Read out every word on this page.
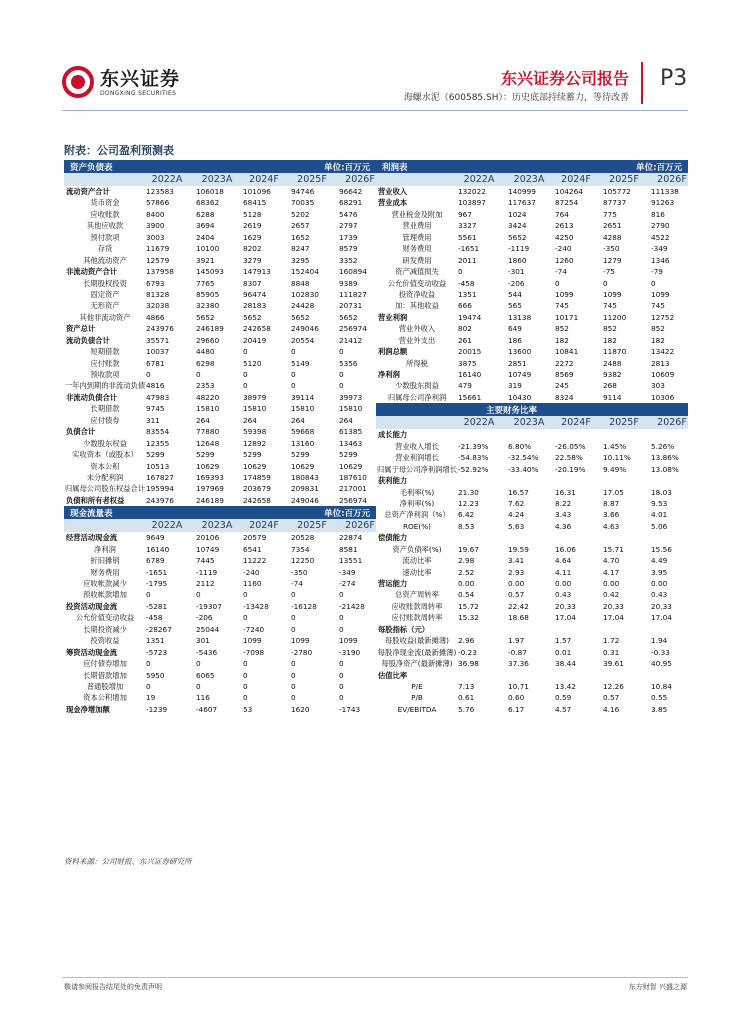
东兴证券
DONGXING SECURITIES
东兴证券公司报告
海螺水泥（600585.SH）：历史底部持续蓄力，等待改善
P3
附表：公司盈利预测表
资产负债表	单位:百万元
2022A	2023A	2024F	2025F	2026F
流动资产合计	123583	106018	101096	94746	96642
货币资金	57866	68362	68415	70035	68291
应收账款	8400	6288	5128	5202	5476
其他应收款	3900	3694	2619	2657	2797
预付款项	3003	2404	1629	1652	1739
存货	11679	10100	8202	8247	8579
其他流动资产	12579	3921	3279	3295	3352
非流动资产合计	137958	145093	147913	152404	160894
长期股权投资	6793	7765	8307	8848	9389
固定资产	81328	85905	96474	102830	111827
无形资产	32038	32380	28183	24428	20731
其他非流动资产	4866	5652	5652	5652	5652
资产总计	243976	246189	242658	249046	256974
流动负债合计	35571	29660	20419	20554	21412
短期借款	10037	4480	0	0	0
应付账款	6781	6298	5120	5149	5356
预收款项	0	0	0	0	0
一年内到期的非流动负债 4816	2353	0	0	0
非流动负债合计	47983	48220	38979	39114	39973
长期借款	9745	15810	15810	15810	15810
应付债券	311	264	264	264	264
负债合计	83554	77880	59398	59668	61385
少数股东权益	12355	12648	12892	13160	13463
实收资本（或股本）	5299	5299	5299	5299	5299
资本公积	10513	10629	10629	10629	10629
未分配利润	167827	169393	174859	180843	187610
归属母公司股东权益合计 195994	197969	203679	209831	217001
负债和所有者权益	243976	246189	242658	249046	256974
现金流量表	单位:百万元
2022A	2023A	2024F	2025F	2026F
经营活动现金流	9649	20106	20579	20528	22874
净利润	16140	10749	6541	7354	8581
折旧摊销	6789	7445	11222	12250	13551
财务费用	-1651	-1119	-240	-350	-349
应收帐款减少	-1795	2112	1160	-74	-274
预收帐款增加	0	0	0	0	0
投资活动现金流	-5281	-19307	-13428	-16128	-21428
公允价值变动收益	-458	-206	0	0	0
长期投资减少	-28267	25044	-7240	0	0
投资收益	1351	301	1099	1099	1099
筹资活动现金流	-5723	-5436	-7098	-2780	-3190
应付债券增加	0	0	0	0	0
长期借款增加	5950	6065	0	0	0
普通股增加	0	0	0	0	0
资本公积增加	19	116	0	0	0
现金净增加额	-1239	-4607	53	1620	-1743
利润表	单位:百万元
2022A	2023A	2024F	2025F	2026F
营业收入	132022	140999	104264	105772	111338
营业成本	103897	117637	87254	87737	91263
营业税金及附加	967	1024	764	775	816
营业费用	3327	3424	2613	2651	2790
管理费用	5561	5652	4250	4288	4522
财务费用	-1651	-1119	-240	-350	-349
研发费用	2011	1860	1260	1279	1346
资产减值损失	0	-301	-74	-75	-79
公允价值变动收益	-458	-206	0	0	0
投资净收益	1351	544	1099	1099	1099
加：其他收益	666	565	745	745	745
营业利润	19474	13138	10171	11200	12752
营业外收入	802	649	852	852	852
营业外支出	261	186	182	182	182
利润总额	20015	13600	10841	11870	13422
所得税	3875	2851	2272	2488	2813
净利润	16140	10749	8569	9382	10609
少数股东损益	479	319	245	268	303
归属母公司净利润	15661	10430	8324	9114	10306
主要财务比率
2022A	2023A	2024F	2025F	2026F
成长能力
营业收入增长	-21.39%	6.80%	-26.05%	1.45%	5.26%
营业利润增长	-54.83%	-32.54%	22.58%	10.11%	13.86%
归属于母公司净利润增长 -52.92%	-33.40%	-20.19%	9.49%	13.08%
获利能力
毛利率(%)	21.30	16.57	16.31	17.05	18.03
净利率(%)	12.23	7.62	8.22	8.87	9.53
总资产净利润（%）	6.42	4.24	3.43	3.66	4.01
ROE(%)	8.53	5.63	4.36	4.63	5.06
偿债能力
资产负债率(%)	19.67	19.59	16.06	15.71	15.56
流动比率	2.98	3.41	4.64	4.70	4.49
速动比率	2.52	2.93	4.11	4.17	3.95
营运能力	0.00	0.00	0.00	0.00	0.00
总资产周转率	0.54	0.57	0.43	0.42	0.43
应收账款周转率	15.72	22.42	20.33	20.33	20.33
应付账款周转率	15.32	18.68	17.04	17.04	17.04
每股指标（元）
每股收益(最新摊薄)	2.96	1.97	1.57	1.72	1.94
每股净现金流(最新摊薄) -0.23	-0.87	0.01	0.31	-0.33
每股净资产(最新摊薄) 36.98	37.36	38.44	39.61	40.95
估值比率
P/E	7.13	10.71	13.42	12.26	10.84
P/B	0.61	0.60	0.59	0.57	0.55
EV/EBITDA	5.76	6.17	4.57	4.16	3.85
资料来源：公司财报、东兴证券研究所
敬请参阅报告结尾处的免责声明	东方财智 兴盛之源
